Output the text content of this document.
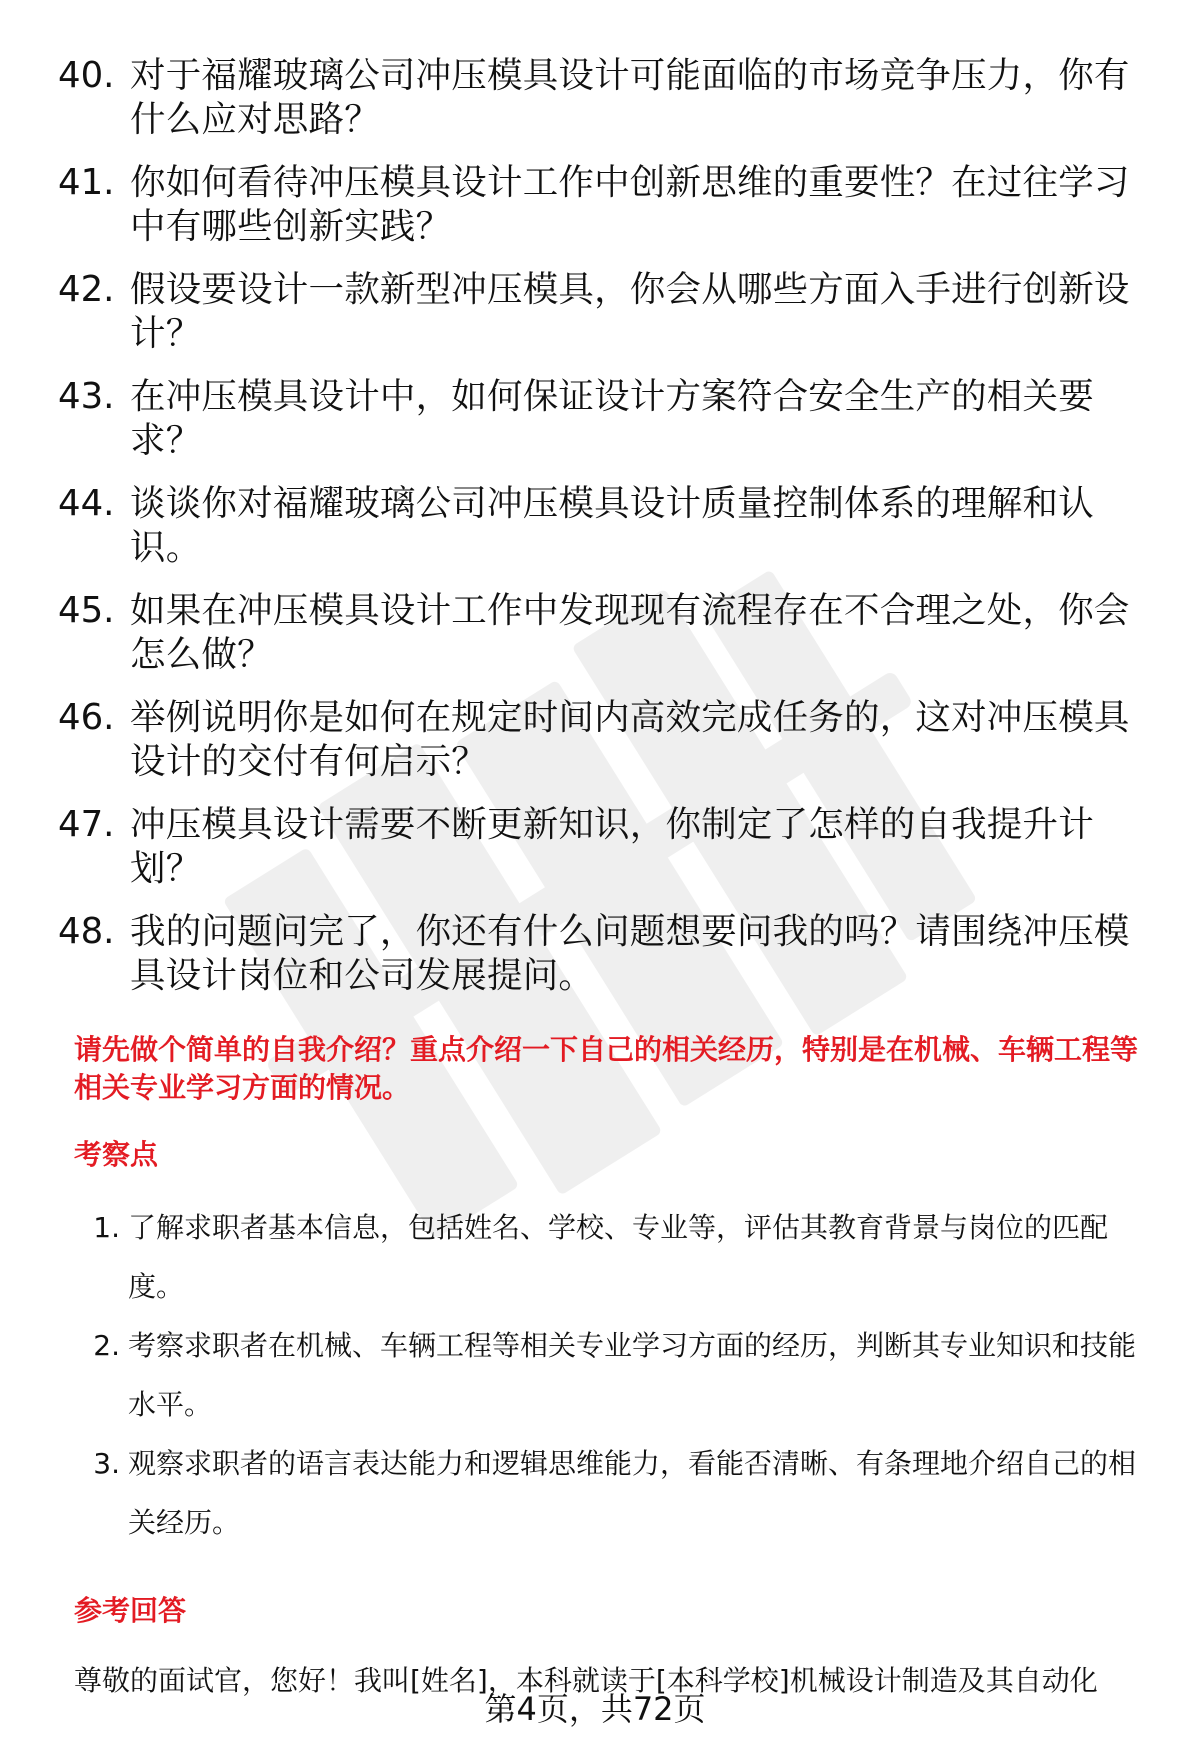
40. 对于福耀玻璃公司冲压模具设计可能面临的市场竞争压力，你有什么应对思路？
41. 你如何看待冲压模具设计工作中创新思维的重要性？在过往学习中有哪些创新实践？
42. 假设要设计一款新型冲压模具，你会从哪些方面入手进行创新设计？
43. 在冲压模具设计中，如何保证设计方案符合安全生产的相关要求？
44. 谈谈你对福耀玻璃公司冲压模具设计质量控制体系的理解和认识。
45. 如果在冲压模具设计工作中发现现有流程存在不合理之处，你会怎么做？
46. 举例说明你是如何在规定时间内高效完成任务的，这对冲压模具设计的交付有何启示？
47. 冲压模具设计需要不断更新知识，你制定了怎样的自我提升计划？
48. 我的问题问完了，你还有什么问题想要问我的吗？请围绕冲压模具设计岗位和公司发展提问。

请先做个简单的自我介绍？重点介绍一下自己的相关经历，特别是在机械、车辆工程等相关专业学习方面的情况。

考察点
1. 了解求职者基本信息，包括姓名、学校、专业等，评估其教育背景与岗位的匹配度。
2. 考察求职者在机械、车辆工程等相关专业学习方面的经历，判断其专业知识和技能水平。
3. 观察求职者的语言表达能力和逻辑思维能力，看能否清晰、有条理地介绍自己的相关经历。
参考回答

尊敬的面试官，您好！我叫[姓名]，本科就读于[本科学校]机械设计制造及其自动化

第4页，共72页
